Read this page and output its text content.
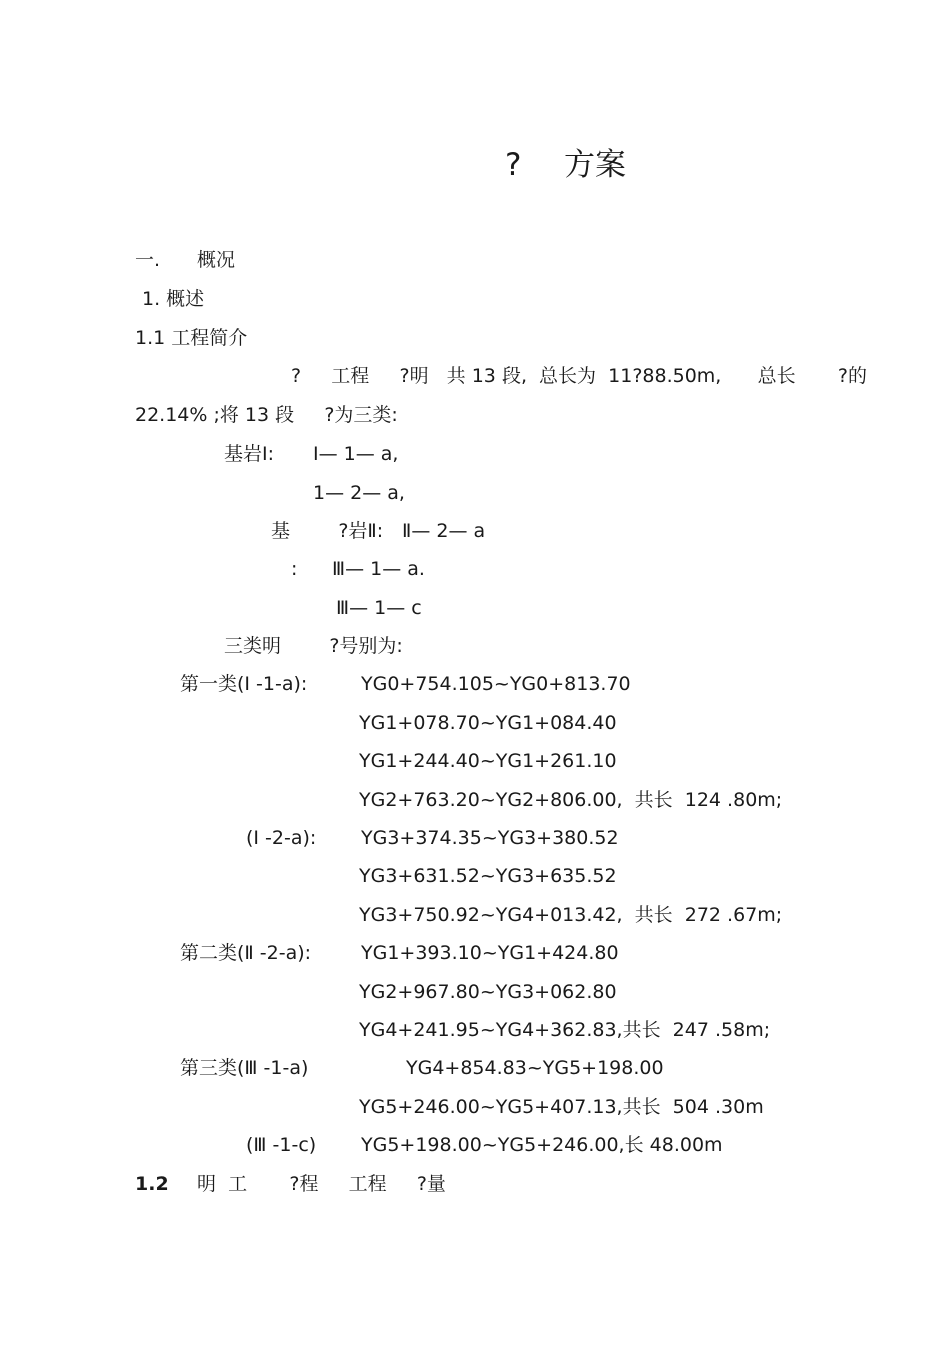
? 方案
一. 概况
1. 概述
1.1 工程简介
?     工程     ?明   共 13 段,  总长为  11?88.50m,      总长       ?的
22.14% ;将 13 段     ?为三类:
基岩Ⅰ: Ⅰ— 1— a,
1— 2— a,
基        ?岩Ⅱ: Ⅱ— 2— a
: Ⅲ— 1— a.
Ⅲ— 1— c
三类明        ?号别为:
第一类(Ⅰ -1-a):	YG0+754.105~YG0+813.70
YG1+078.70~YG1+084.40
YG1+244.40~YG1+261.10
YG2+763.20~YG2+806.00,  共长  124 .80m;
(Ⅰ -2-a): YG3+374.35~YG3+380.52
YG3+631.52~YG3+635.52
YG3+750.92~YG4+013.42,  共长  272 .67m;
第二类(Ⅱ -2-a):	YG1+393.10~YG1+424.80
YG2+967.80~YG3+062.80
YG4+241.95~YG4+362.83,共长  247 .58m;
第三类(Ⅲ -1-a)	YG4+854.83~YG5+198.00
YG5+246.00~YG5+407.13,共长  504 .30m
(Ⅲ -1-c) YG5+198.00~YG5+246.00,长 48.00m
1.2 明  工       ?程     工程     ?量
